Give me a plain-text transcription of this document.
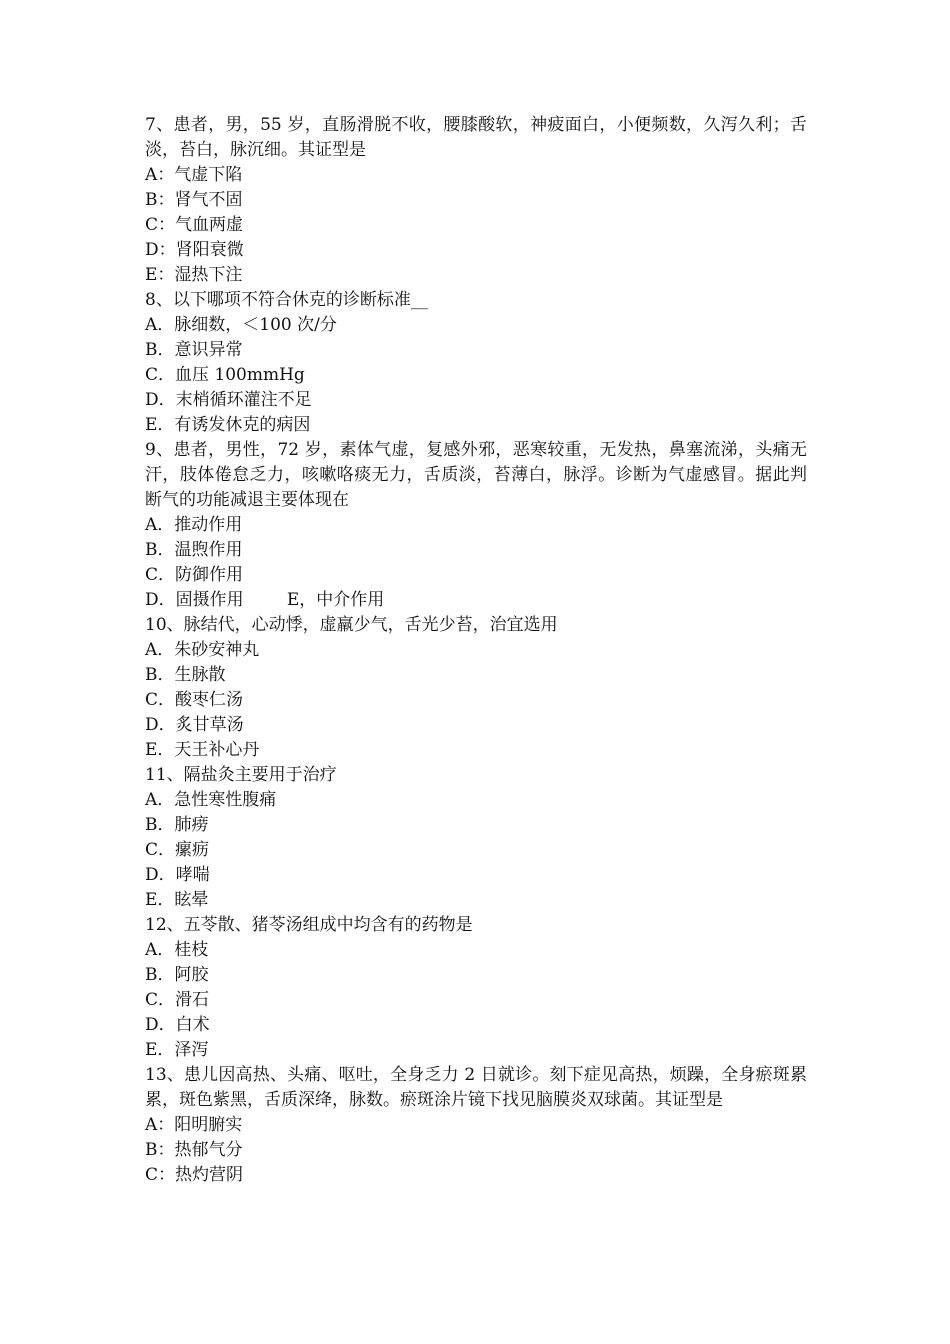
7、患者，男，55 岁，直肠滑脱不收，腰膝酸软，神疲面白，小便频数，久泻久利；舌淡，苔白，脉沉细。其证型是
A：气虚下陷
B：肾气不固
C：气血两虚
D：肾阳衰微
E：湿热下注
8、以下哪项不符合休克的诊断标准__
A．脉细数，＜100 次/分
B．意识异常
C．血压 100mmHg
D．末梢循环灌注不足
E．有诱发休克的病因
9、患者，男性，72 岁，素体气虚，复感外邪，恶寒较重，无发热，鼻塞流涕，头痛无汗，肢体倦怠乏力，咳嗽咯痰无力，舌质淡，苔薄白，脉浮。诊断为气虚感冒。据此判断气的功能减退主要体现在
A．推动作用
B．温煦作用
C．防御作用
D．固摄作用        E，中介作用
10、脉结代，心动悸，虚羸少气，舌光少苔，治宜选用
A．朱砂安神丸
B．生脉散
C．酸枣仁汤
D．炙甘草汤
E．天王补心丹
11、隔盐灸主要用于治疗
A．急性寒性腹痛
B．肺痨
C．瘰疬
D．哮喘
E．眩晕
12、五苓散、猪苓汤组成中均含有的药物是
A．桂枝
B．阿胶
C．滑石
D．白术
E．泽泻
13、患儿因高热、头痛、呕吐，全身乏力 2 日就诊。刻下症见高热，烦躁，全身瘀斑累累，斑色紫黑，舌质深绛，脉数。瘀斑涂片镜下找见脑膜炎双球菌。其证型是
A：阳明腑实
B：热郁气分
C：热灼营阴
